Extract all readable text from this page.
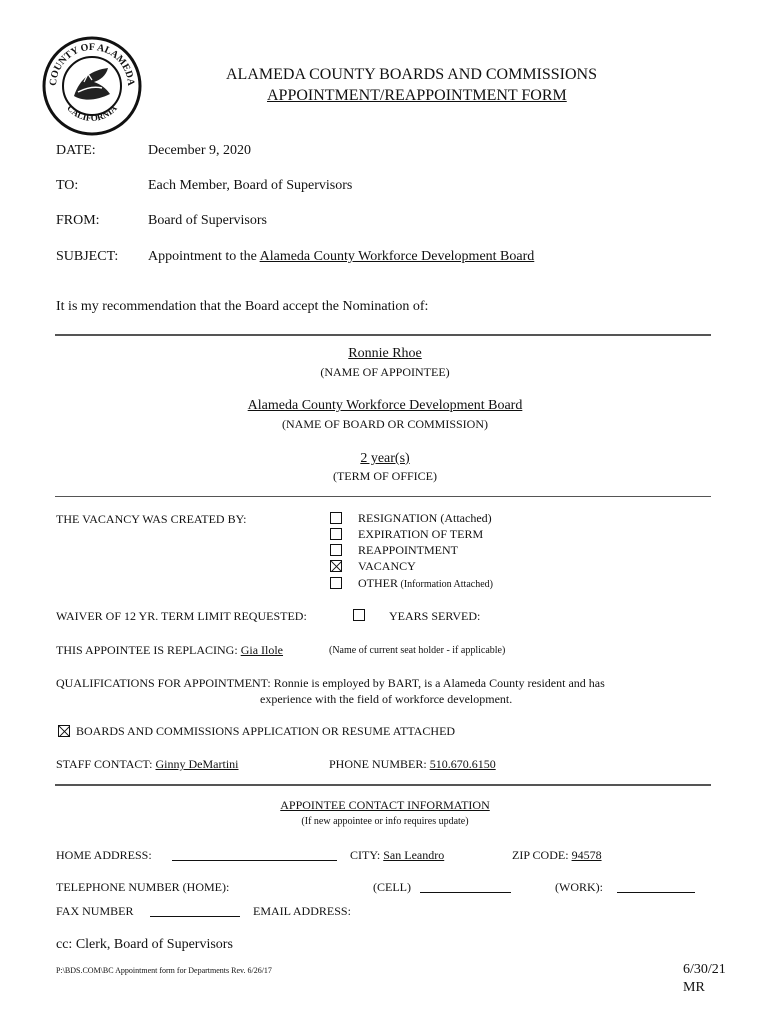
COUNTY OF ALAMEDA
CALIFORNIA
ALAMEDA COUNTY BOARDS AND COMMISSIONS
APPOINTMENT/REAPPOINTMENT FORM
DATE:	December 9, 2020
TO:	Each Member, Board of Supervisors
FROM:	Board of Supervisors
SUBJECT: Appointment to the Alameda County Workforce Development Board
It is my recommendation that the Board accept the Nomination of:
Ronnie Rhoe
(NAME OF APPOINTEE)
Alameda County Workforce Development Board
(NAME OF BOARD OR COMMISSION)
2 year(s)
(TERM OF OFFICE)
THE VACANCY WAS CREATED BY:	RESIGNATION (Attached)
EXPIRATION OF TERM
REAPPOINTMENT
VACANCY
OTHER (Information Attached)
WAIVER OF 12 YR. TERM LIMIT REQUESTED:	YEARS SERVED:
THIS APPOINTEE IS REPLACING: Gia Ilole	(Name of current seat holder - if applicable)
QUALIFICATIONS FOR APPOINTMENT: Ronnie is employed by BART, is a Alameda County resident and has
experience with the field of workforce development.
BOARDS AND COMMISSIONS APPLICATION OR RESUME ATTACHED
STAFF CONTACT: Ginny DeMartini	PHONE NUMBER: 510.670.6150
APPOINTEE CONTACT INFORMATION
(If new appointee or info requires update)
HOME ADDRESS:	CITY: San Leandro	ZIP CODE: 94578
TELEPHONE NUMBER (HOME):	(CELL)	(WORK):
FAX NUMBER	EMAIL ADDRESS:
cc: Clerk, Board of Supervisors
P:\BDS.COM\BC Appointment form for Departments Rev. 6/26/17	6/30/21
MR
